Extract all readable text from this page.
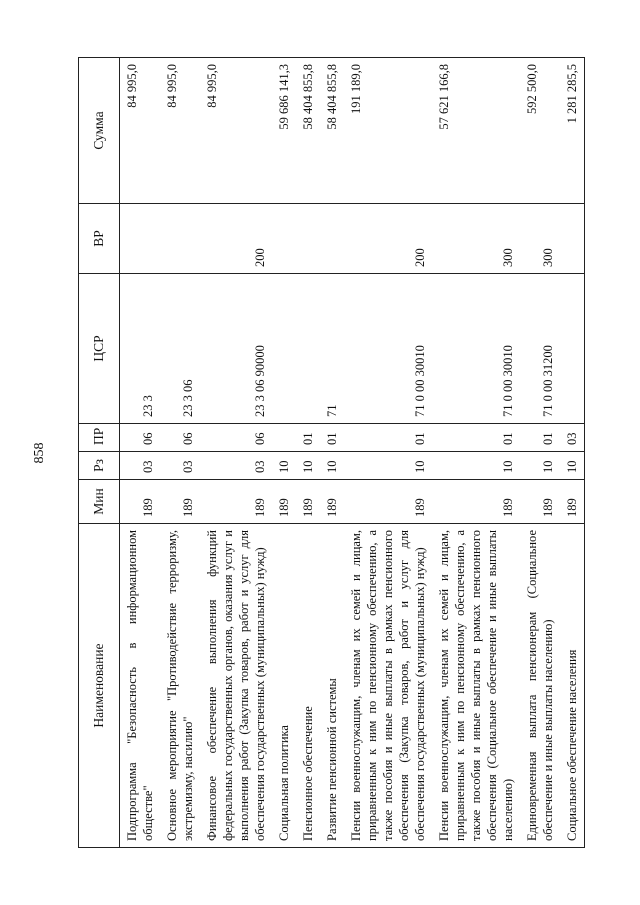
858
Наименование	Мин	Рз	ПР	ЦСР	ВР	Сумма
Подпрограмма "Безопасность в информационном обществе"	189	03	06	23 3		84 995,0
Основное мероприятие "Противодействие терроризму, экстремизму, насилию"	189	03	06	23 3 06		84 995,0
Финансовое обеспечение выполнения функций федеральных государственных органов, оказания услуг и выполнения работ (Закупка товаров, работ и услуг для обеспечения государственных (муниципальных) нужд)	189	03	06	23 3 06 90000	200	84 995,0
Социальная политика	189	10				59 686 141,3
Пенсионное обеспечение	189	10	01			58 404 855,8
Развитие пенсионной системы	189	10	01	71		58 404 855,8
Пенсии военнослужащим, членам их семей и лицам, приравненным к ним по пенсионному обеспечению, а также пособия и иные выплаты в рамках пенсионного обеспечения (Закупка товаров, работ и услуг для обеспечения государственных (муниципальных) нужд)	189	10	01	71 0 00 30010	200	191 189,0
Пенсии военнослужащим, членам их семей и лицам, приравненным к ним по пенсионному обеспечению, а также пособия и иные выплаты в рамках пенсионного обеспечения (Социальное обеспечение и иные выплаты населению)	189	10	01	71 0 00 30010	300	57 621 166,8
Единовременная выплата пенсионерам (Социальное обеспечение и иные выплаты населению)	189	10	01	71 0 00 31200	300	592 500,0
Социальное обеспечение населения	189	10	03			1 281 285,5
